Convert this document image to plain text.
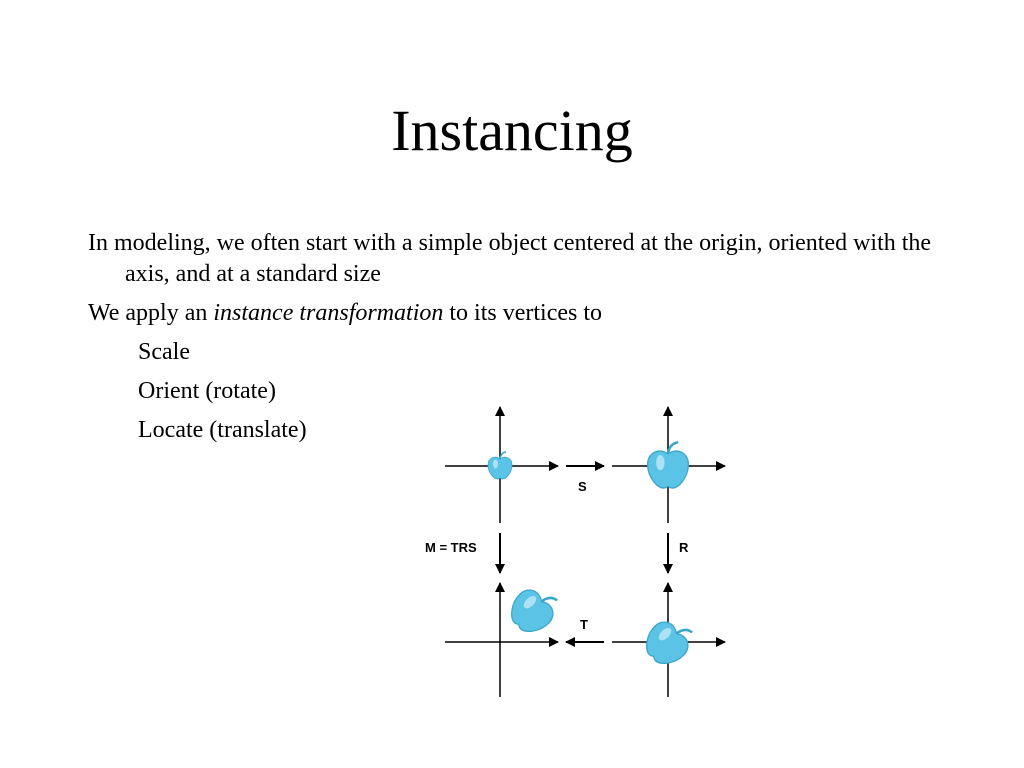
Instancing
In modeling, we often start with a simple object centered at the origin, oriented with the axis, and at a standard size
We apply an instance transformation to its vertices to
Scale
Orient (rotate)
Locate (translate)
S
R
M = TRS
T
